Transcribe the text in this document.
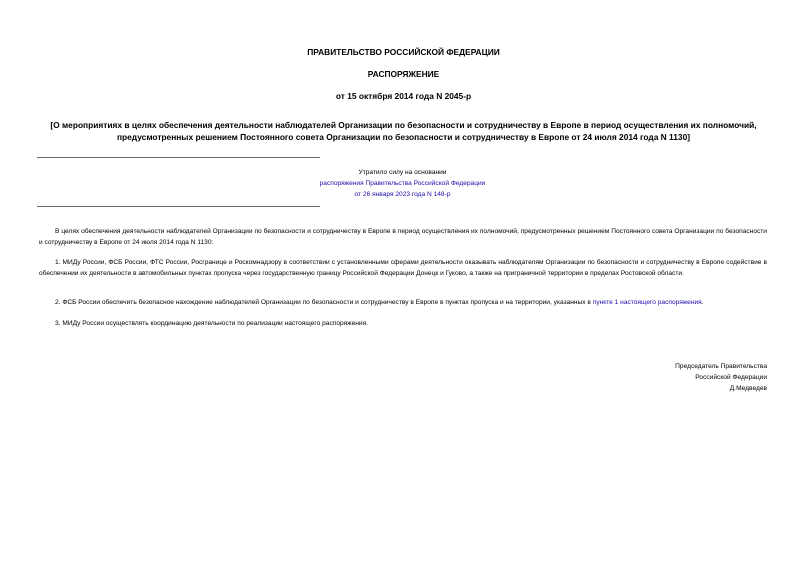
ПРАВИТЕЛЬСТВО РОССИЙСКОЙ ФЕДЕРАЦИИ
РАСПОРЯЖЕНИЕ
от 15 октября 2014 года N 2045-р
[О мероприятиях в целях обеспечения деятельности наблюдателей Организации по безопасности и сотрудничеству в Европе в период осуществления их полномочий, предусмотренных решением Постоянного совета Организации по безопасности и сотрудничеству в Европе от 24 июля 2014 года N 1130]
Утратило силу на основании
распоряжения Правительства Российской Федерации
от 26 января 2023 года N 148-р
В целях обеспечения деятельности наблюдателей Организации по безопасности и сотрудничеству в Европе в период осуществления их полномочий, предусмотренных решением Постоянного совета Организации по безопасности и сотрудничеству в Европе от 24 июля 2014 года N 1130:
1. МИДу России, ФСБ России, ФТС России, Росграницe и Роскомнадзору в соответствии с установленными сферами деятельности оказывать наблюдателям Организации по безопасности и сотрудничеству в Европе содействие в обеспечении их деятельности в автомобильных пунктах пропуска через государственную границу Российской Федерации Донецк и Гуково, а также на приграничной территории в пределах Ростовской области.
2. ФСБ России обеспечить безопасное нахождение наблюдателей Организации по безопасности и сотрудничеству в Европе в пунктах пропуска и на территории, указанных в пункте 1 настоящего распоряжения.
3. МИДу России осуществлять координацию деятельности по реализации настоящего распоряжения.
Председатель Правительства
Российской Федерации
Д.Медведев
